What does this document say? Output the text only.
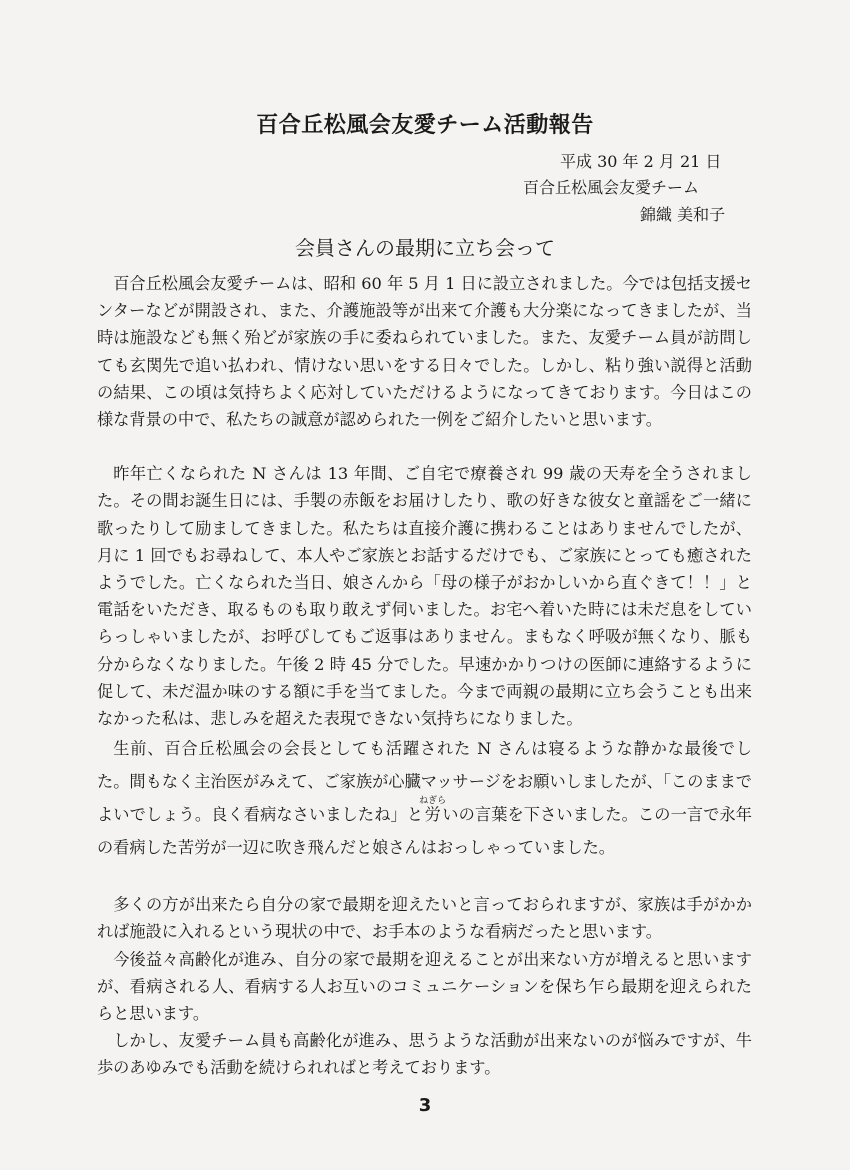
百合丘松風会友愛チーム活動報告
平成 30 年 2 月 21 日
百合丘松風会友愛チーム
錦織 美和子
会員さんの最期に立ち会って

百合丘松風会友愛チームは、昭和 60 年 5 月 1 日に設立されました。今では包括支援センターなどが開設され、また、介護施設等が出来て介護も大分楽になってきましたが、当時は施設なども無く殆どが家族の手に委ねられていました。また、友愛チーム員が訪問しても玄関先で追い払われ、情けない思いをする日々でした。しかし、粘り強い説得と活動の結果、この頃は気持ちよく応対していただけるようになってきております。今日はこの様な背景の中で、私たちの誠意が認められた一例をご紹介したいと思います。

昨年亡くなられた N さんは 13 年間、ご自宅で療養され 99 歳の天寿を全うされました。その間お誕生日には、手製の赤飯をお届けしたり、歌の好きな彼女と童謡をご一緒に歌ったりして励ましてきました。私たちは直接介護に携わることはありませんでしたが、月に 1 回でもお尋ねして、本人やご家族とお話するだけでも、ご家族にとっても癒されたようでした。亡くなられた当日、娘さんから「母の様子がおかしいから直ぐきて！！」と電話をいただき、取るものも取り敢えず伺いました。お宅へ着いた時には未だ息をしていらっしゃいましたが、お呼びしてもご返事はありません。まもなく呼吸が無くなり、脈も分からなくなりました。午後 2 時 45 分でした。早速かかりつけの医師に連絡するように促して、未だ温か味のする額に手を当てました。今まで両親の最期に立ち会うことも出来なかった私は、悲しみを超えた表現できない気持ちになりました。

生前、百合丘松風会の会長としても活躍された N さんは寝るような静かな最後でした。間もなく主治医がみえて、ご家族が心臓マッサージをお願いしましたが、「このままでよいでしょう。良く看病なさいましたね」と労ねぎらいの言葉を下さいました。この一言で永年の看病した苦労が一辺に吹き飛んだと娘さんはおっしゃっていました。

多くの方が出来たら自分の家で最期を迎えたいと言っておられますが、家族は手がかかれば施設に入れるという現状の中で、お手本のような看病だったと思います。

今後益々高齢化が進み、自分の家で最期を迎えることが出来ない方が増えると思いますが、看病される人、看病する人お互いのコミュニケーションを保ち乍ら最期を迎えられたらと思います。

しかし、友愛チーム員も高齢化が進み、思うような活動が出来ないのが悩みですが、牛歩のあゆみでも活動を続けられればと考えております。

3
